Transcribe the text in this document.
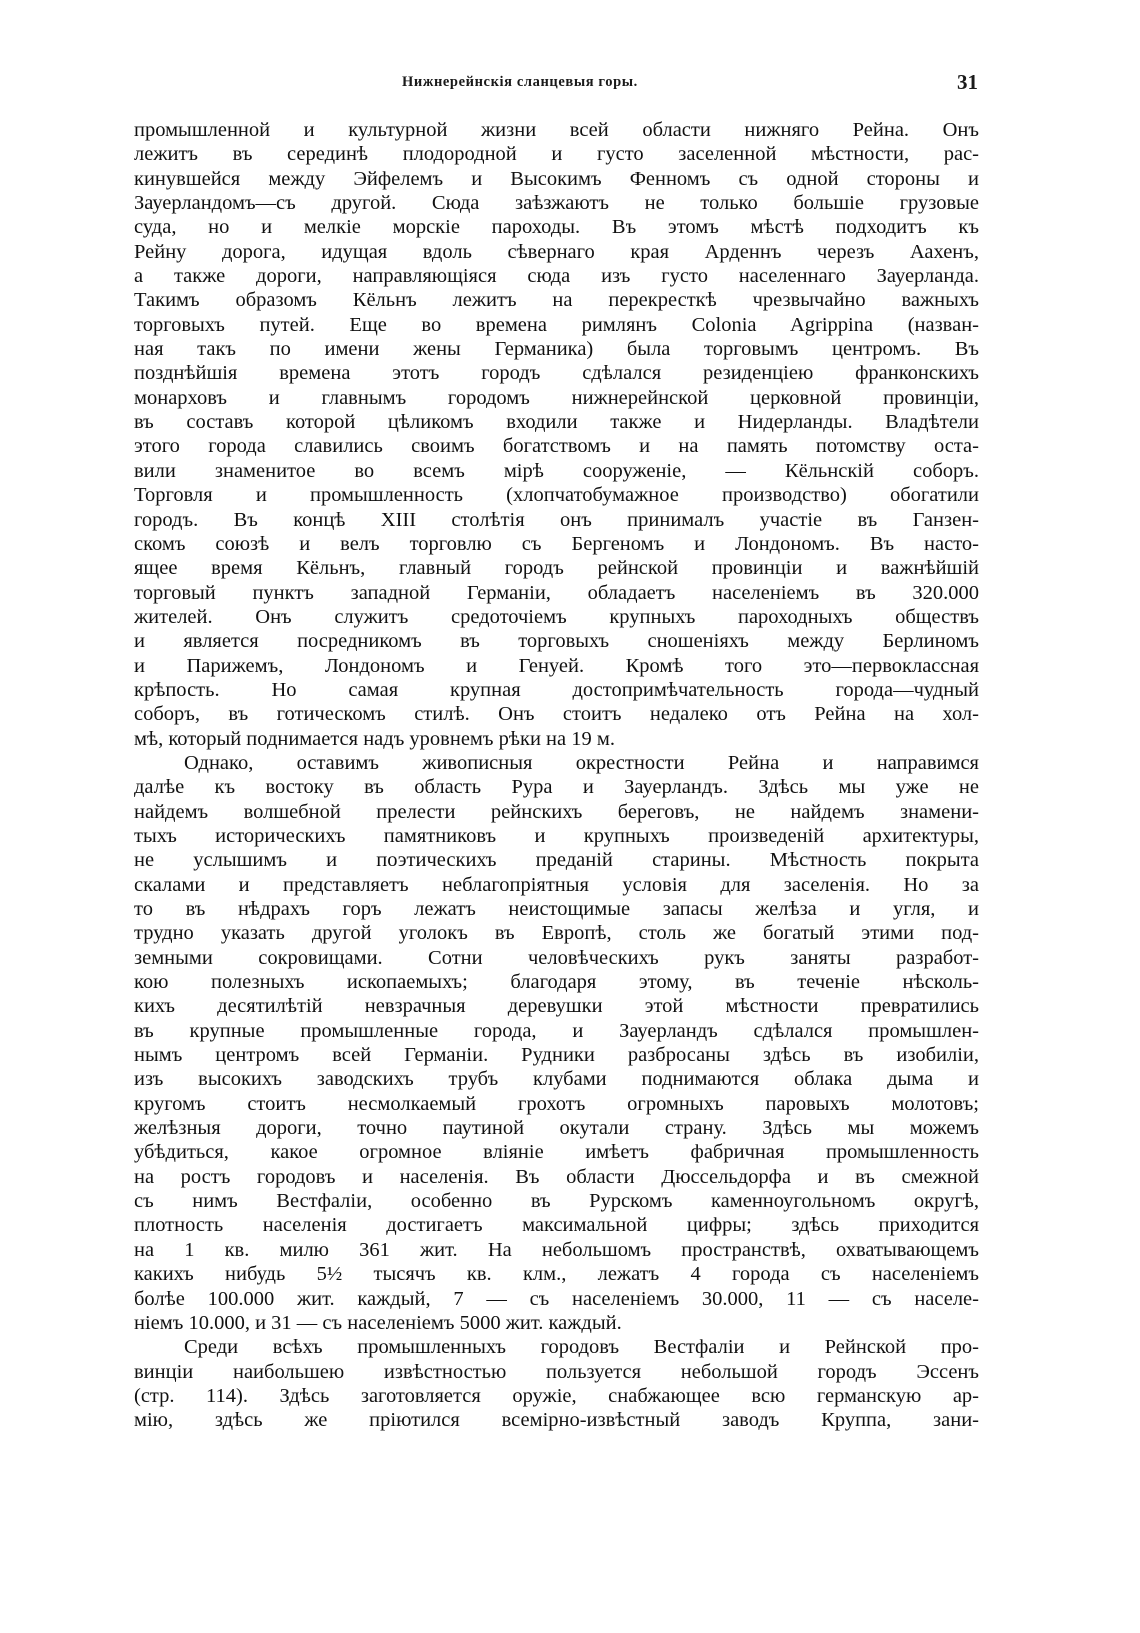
Нижнерейнскія сланцевыя горы.	31
промышленной и культурной жизни всей области нижняго Рейна. Онъ
лежитъ въ серединѣ плодородной и густо заселенной мѣстности, рас-
кинувшейся между Эйфелемъ и Высокимъ Фенномъ съ одной стороны и
Зауерландомъ—съ другой. Сюда заѣзжаютъ не только большіе грузовые
суда, но и мелкіе морскіе пароходы. Въ этомъ мѣстѣ подходитъ къ
Рейну дорога, идущая вдоль сѣвернаго края Арденнъ черезъ Аахенъ,
а также дороги, направляющіяся сюда изъ густо населеннаго Зауерланда.
Такимъ образомъ Кёльнъ лежитъ на перекресткѣ чрезвычайно важныхъ
торговыхъ путей. Еще во времена римлянъ Colonia Agrippina (назван-
ная такъ по имени жены Германика) была торговымъ центромъ. Въ
позднѣйшія времена этотъ городъ сдѣлался резиденціею франконскихъ
монарховъ и главнымъ городомъ нижнерейнской церковной провинціи,
въ составъ которой цѣликомъ входили также и Нидерланды. Владѣтели
этого города славились своимъ богатствомъ и на память потомству оста-
вили знаменитое во всемъ мірѣ сооруженіе, — Кёльнскій соборъ.
Торговля и промышленность (хлопчатобумажное производство) обогатили
городъ. Въ концѣ XIII столѣтія онъ принималъ участіе въ Ганзен-
скомъ союзѣ и велъ торговлю съ Бергеномъ и Лондономъ. Въ насто-
ящее время Кёльнъ, главный городъ рейнской провинціи и важнѣйшій
торговый пунктъ западной Германіи, обладаетъ населеніемъ въ 320.000
жителей. Онъ служитъ средоточіемъ крупныхъ пароходныхъ обществъ
и является посредникомъ въ торговыхъ сношеніяхъ между Берлиномъ
и Парижемъ, Лондономъ и Генуей. Кромѣ того это—первоклассная
крѣпость. Но самая крупная достопримѣчательность города—чудный
соборъ, въ готическомъ стилѣ. Онъ стоитъ недалеко отъ Рейна на хол-
мѣ, который поднимается надъ уровнемъ рѣки на 19 м.
Однако, оставимъ живописныя окрестности Рейна и направимся
далѣе къ востоку въ область Рура и Зауерландъ. Здѣсь мы уже не
найдемъ волшебной прелести рейнскихъ береговъ, не найдемъ знамени-
тыхъ историческихъ памятниковъ и крупныхъ произведеній архитектуры,
не услышимъ и поэтическихъ преданій старины. Мѣстность покрыта
скалами и представляетъ неблагопріятныя условія для заселенія. Но за
то въ нѣдрахъ горъ лежатъ неистощимые запасы желѣза и угля, и
трудно указать другой уголокъ въ Европѣ, столь же богатый этими под-
земными сокровищами. Сотни человѣческихъ рукъ заняты разработ-
кою полезныхъ ископаемыхъ; благодаря этому, въ теченіе нѣсколь-
кихъ десятилѣтій невзрачныя деревушки этой мѣстности превратились
въ крупные промышленные города, и Зауерландъ сдѣлался промышлен-
нымъ центромъ всей Германіи. Рудники разбросаны здѣсь въ изобиліи,
изъ высокихъ заводскихъ трубъ клубами поднимаются облака дыма и
кругомъ стоитъ несмолкаемый грохотъ огромныхъ паровыхъ молотовъ;
желѣзныя дороги, точно паутиной окутали страну. Здѣсь мы можемъ
убѣдиться, какое огромное вліяніе имѣетъ фабричная промышленность
на ростъ городовъ и населенія. Въ области Дюссельдорфа и въ смежной
съ нимъ Вестфаліи, особенно въ Рурскомъ каменноугольномъ округѣ,
плотность населенія достигаетъ максимальной цифры; здѣсь приходится
на 1 кв. милю 361 жит. На небольшомъ пространствѣ, охватывающемъ
какихъ нибудь 5½ тысячъ кв. клм., лежатъ 4 города съ населеніемъ
болѣе 100.000 жит. каждый, 7 — съ населеніемъ 30.000, 11 — съ населе-
ніемъ 10.000, и 31 — съ населеніемъ 5000 жит. каждый.
Среди всѣхъ промышленныхъ городовъ Вестфаліи и Рейнской про-
винціи наибольшею извѣстностью пользуется небольшой городъ Эссенъ
(стр. 114). Здѣсь заготовляется оружіе, снабжающее всю германскую ар-
мію, здѣсь же пріютился всемірно-извѣстный заводъ Круппа, зани-
